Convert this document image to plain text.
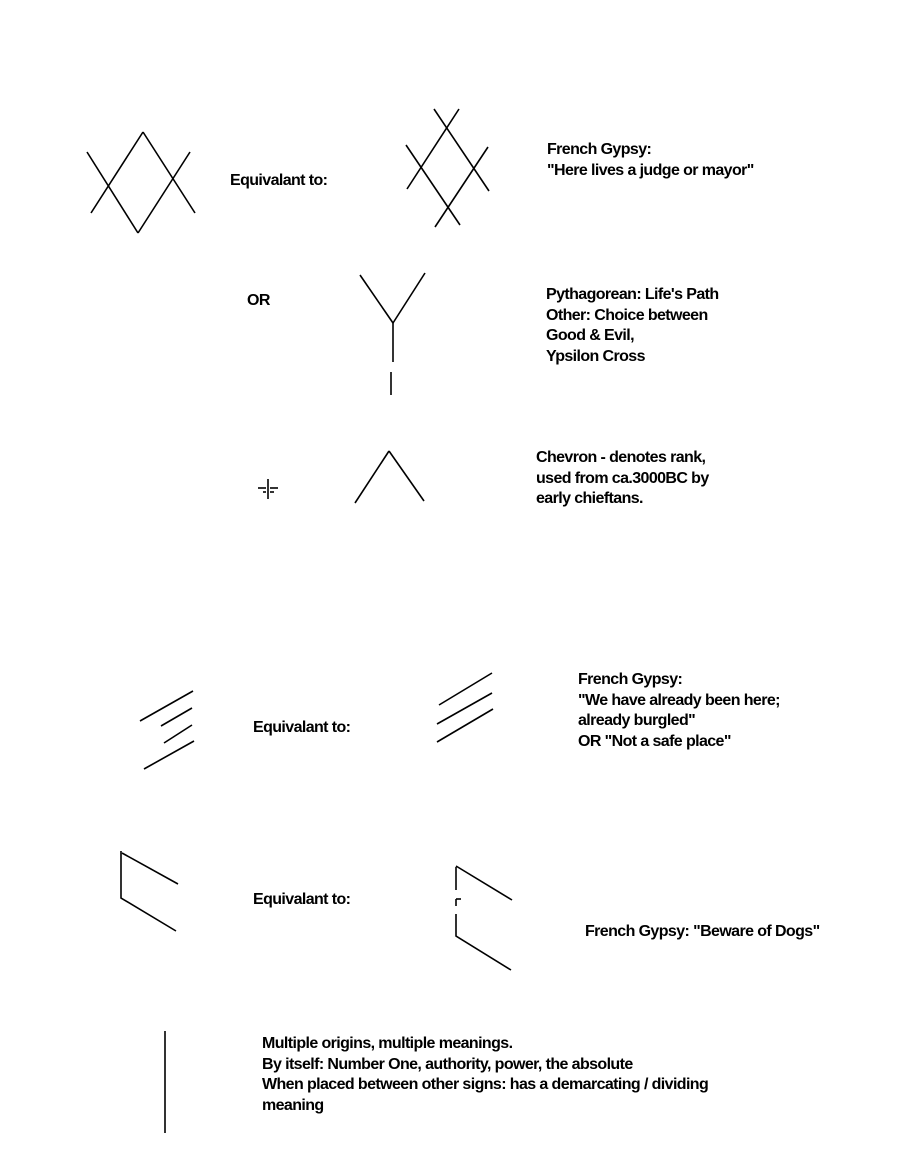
Equivalant to:
French Gypsy:
"Here lives a judge or mayor"
OR	Pythagorean: Life's Path
Other: Choice between
Good & Evil,
Ypsilon Cross
Chevron - denotes rank,
used from ca.3000BC by
early chieftans.
Equivalant to:
French Gypsy:
"We have already been here;
already burgled"
OR "Not a safe place"
Equivalant to:
French Gypsy: "Beware of Dogs"
Multiple origins, multiple meanings.
By itself: Number One, authority, power, the absolute
When placed between other signs: has a demarcating / dividing
meaning
